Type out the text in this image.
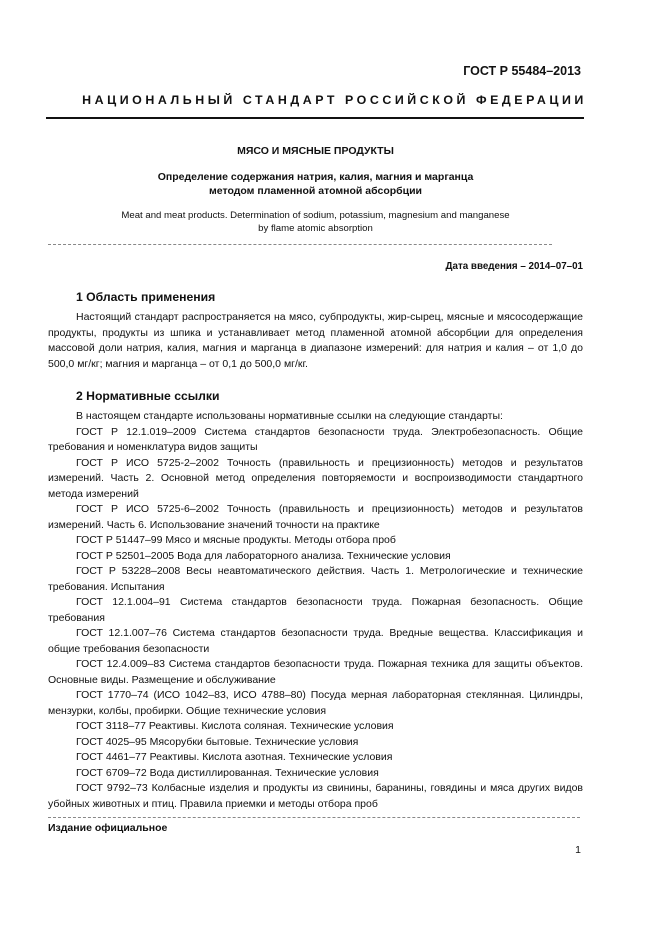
ГОСТ Р 55484–2013
НАЦИОНАЛЬНЫЙ СТАНДАРТ РОССИЙСКОЙ ФЕДЕРАЦИИ
МЯСО И МЯСНЫЕ ПРОДУКТЫ
Определение содержания натрия, калия, магния и марганца
методом пламенной атомной абсорбции
Meat and meat products. Determination of sodium, potassium, magnesium and manganese
by flame atomic absorption
Дата введения – 2014–07–01
1 Область применения

Настоящий стандарт распространяется на мясо, субпродукты, жир-сырец, мясные и мясосодержащие продукты, продукты из шпика и устанавливает метод пламенной атомной абсорбции для определения массовой доли натрия, калия, магния и марганца в диапазоне измерений: для натрия и калия – от 1,0 до 500,0 мг/кг; магния и марганца – от 0,1 до 500,0 мг/кг.

2 Нормативные ссылки

В настоящем стандарте использованы нормативные ссылки на следующие стандарты:

ГОСТ Р 12.1.019–2009 Система стандартов безопасности труда. Электробезопасность. Общие требования и номенклатура видов защиты

ГОСТ Р ИСО 5725-2–2002 Точность (правильность и прецизионность) методов и результатов измерений. Часть 2. Основной метод определения повторяемости и воспроизводимости стандартного метода измерений

ГОСТ Р ИСО 5725-6–2002 Точность (правильность и прецизионность) методов и результатов измерений. Часть 6. Использование значений точности на практике

ГОСТ Р 51447–99 Мясо и мясные продукты. Методы отбора проб

ГОСТ Р 52501–2005 Вода для лабораторного анализа. Технические условия

ГОСТ Р 53228–2008 Весы неавтоматического действия. Часть 1. Метрологические и технические требования. Испытания

ГОСТ 12.1.004–91 Система стандартов безопасности труда. Пожарная безопасность. Общие требования

ГОСТ 12.1.007–76 Система стандартов безопасности труда. Вредные вещества. Классификация и общие требования безопасности

ГОСТ 12.4.009–83 Система стандартов безопасности труда. Пожарная техника для защиты объектов. Основные виды. Размещение и обслуживание

ГОСТ 1770–74 (ИСО 1042–83, ИСО 4788–80) Посуда мерная лабораторная стеклянная. Цилиндры, мензурки, колбы, пробирки. Общие технические условия

ГОСТ 3118–77 Реактивы. Кислота соляная. Технические условия

ГОСТ 4025–95 Мясорубки бытовые. Технические условия

ГОСТ 4461–77 Реактивы. Кислота азотная. Технические условия

ГОСТ 6709–72 Вода дистиллированная. Технические условия

ГОСТ 9792–73 Колбасные изделия и продукты из свинины, баранины, говядины и мяса других видов убойных животных и птиц. Правила приемки и методы отбора проб

Издание официальное
1
